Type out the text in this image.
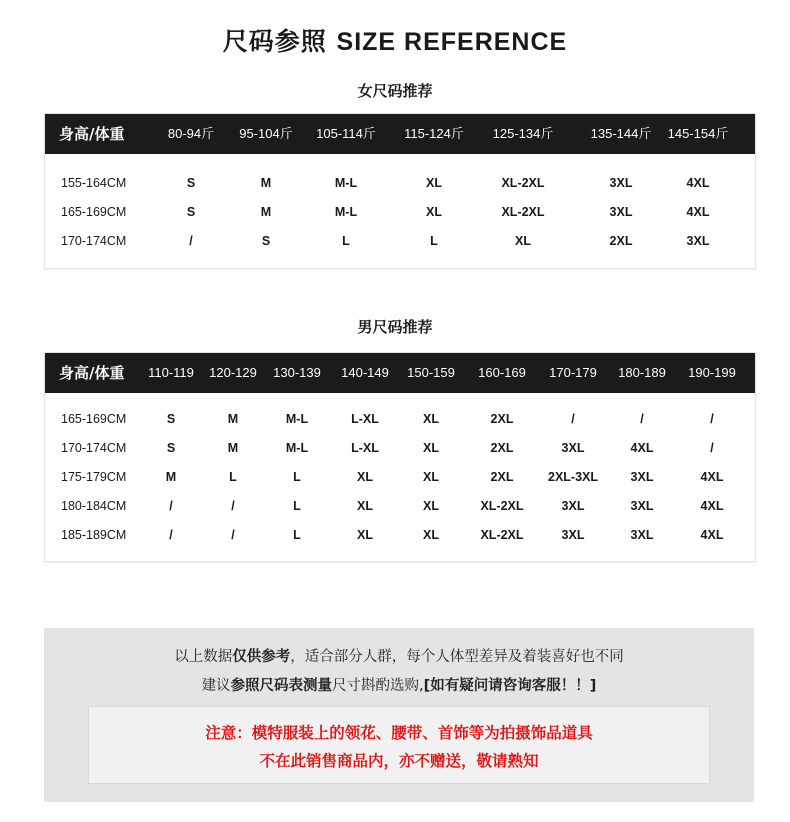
尺码参照 SIZE REFERENCE
女尺码推荐
身高/体重	80-94斤 95-104斤 105-114斤 115-124斤 125-134斤	135-144斤 145-154斤
155-164CM	S	M	M-L	XL	XL-2XL	3XL	4XL
165-169CM	S	M	M-L	XL	XL-2XL	3XL	4XL
170-174CM	/	S	L	L	XL	2XL	3XL
男尺码推荐
身高/体重 110-119 120-129 130-139 140-149 150-159 160-169 170-179 180-189 190-199
165-169CM	S	M	M-L	L-XL	XL	2XL	/	/	/
170-174CM	S	M	M-L	L-XL	XL	2XL	3XL	4XL	/
175-179CM	M	L	L	XL	XL	2XL	2XL-3XL	3XL	4XL
180-184CM	/	/	L	XL	XL	XL-2XL	3XL	3XL	4XL
185-189CM	/	/	L	XL	XL	XL-2XL	3XL	3XL	4XL
以上数据仅供参考，适合部分人群，每个人体型差异及着装喜好也不同
建议参照尺码表测量尺寸斟酌选购,[如有疑问请咨询客服！！]
注意：模特服装上的领花、腰带、首饰等为拍摄饰品道具
不在此销售商品内，亦不赠送，敬请熟知
